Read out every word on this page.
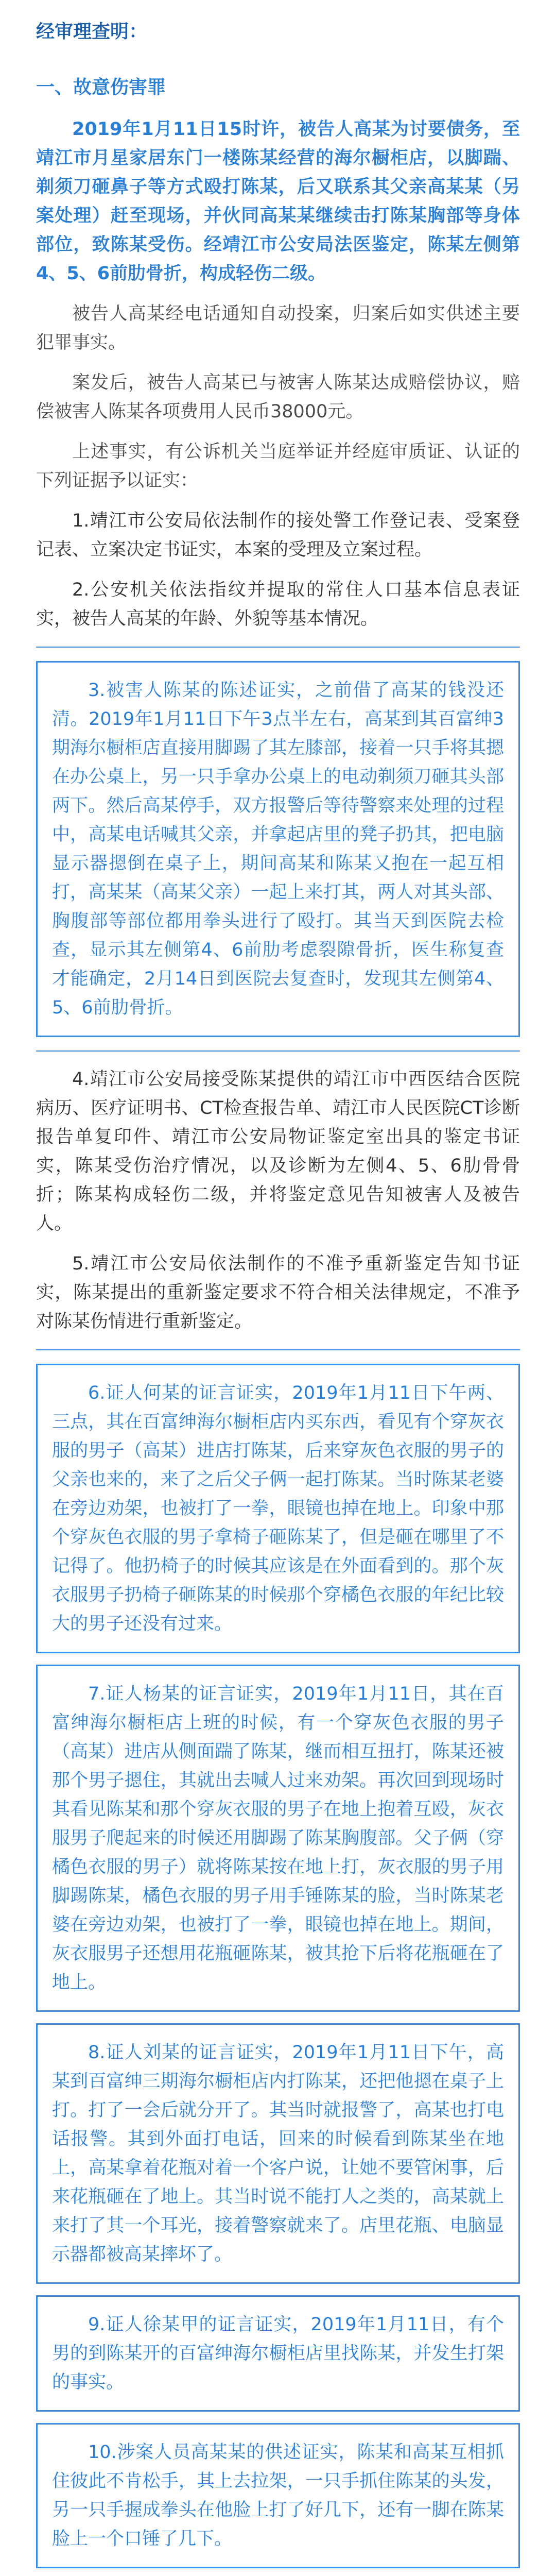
经审理查明：
一、故意伤害罪

2019年1月11日15时许，被告人高某为讨要债务，至靖江市月星家居东门一楼陈某经营的海尔橱柜店，以脚踹、剃须刀砸鼻子等方式殴打陈某，后又联系其父亲高某某（另案处理）赶至现场，并伙同高某某继续击打陈某胸部等身体部位，致陈某受伤。经靖江市公安局法医鉴定，陈某左侧第4、5、6前肋骨折，构成轻伤二级。

被告人高某经电话通知自动投案，归案后如实供述主要犯罪事实。

案发后，被告人高某已与被害人陈某达成赔偿协议，赔偿被害人陈某各项费用人民币38000元。

上述事实，有公诉机关当庭举证并经庭审质证、认证的下列证据予以证实：

1.靖江市公安局依法制作的接处警工作登记表、受案登记表、立案决定书证实，本案的受理及立案过程。

2.公安机关依法指纹并提取的常住人口基本信息表证实，被告人高某的年龄、外貌等基本情况。

3.被害人陈某的陈述证实，之前借了高某的钱没还清。2019年1月11日下午3点半左右，高某到其百富绅3期海尔橱柜店直接用脚踢了其左膝部，接着一只手将其摁在办公桌上，另一只手拿办公桌上的电动剃须刀砸其头部两下。然后高某停手，双方报警后等待警察来处理的过程中，高某电话喊其父亲，并拿起店里的凳子扔其，把电脑显示器摁倒在桌子上，期间高某和陈某又抱在一起互相打，高某某（高某父亲）一起上来打其，两人对其头部、胸腹部等部位都用拳头进行了殴打。其当天到医院去检查，显示其左侧第4、6前肋考虑裂隙骨折，医生称复查才能确定，2月14日到医院去复查时，发现其左侧第4、5、6前肋骨折。

4.靖江市公安局接受陈某提供的靖江市中西医结合医院病历、医疗证明书、CT检查报告单、靖江市人民医院CT诊断报告单复印件、靖江市公安局物证鉴定室出具的鉴定书证实，陈某受伤治疗情况，以及诊断为左侧4、5、6肋骨骨折；陈某构成轻伤二级，并将鉴定意见告知被害人及被告人。

5.靖江市公安局依法制作的不准予重新鉴定告知书证实，陈某提出的重新鉴定要求不符合相关法律规定，不准予对陈某伤情进行重新鉴定。

6.证人何某的证言证实，2019年1月11日下午两、三点，其在百富绅海尔橱柜店内买东西，看见有个穿灰衣服的男子（高某）进店打陈某，后来穿灰色衣服的男子的父亲也来的，来了之后父子俩一起打陈某。当时陈某老婆在旁边劝架，也被打了一拳，眼镜也掉在地上。印象中那个穿灰色衣服的男子拿椅子砸陈某了，但是砸在哪里了不记得了。他扔椅子的时候其应该是在外面看到的。那个灰衣服男子扔椅子砸陈某的时候那个穿橘色衣服的年纪比较大的男子还没有过来。

7.证人杨某的证言证实，2019年1月11日，其在百富绅海尔橱柜店上班的时候，有一个穿灰色衣服的男子（高某）进店从侧面踹了陈某，继而相互扭打，陈某还被那个男子摁住，其就出去喊人过来劝架。再次回到现场时其看见陈某和那个穿灰衣服的男子在地上抱着互殴，灰衣服男子爬起来的时候还用脚踢了陈某胸腹部。父子俩（穿橘色衣服的男子）就将陈某按在地上打，灰衣服的男子用脚踢陈某，橘色衣服的男子用手锤陈某的脸，当时陈某老婆在旁边劝架，也被打了一拳，眼镜也掉在地上。期间，灰衣服男子还想用花瓶砸陈某，被其抢下后将花瓶砸在了地上。

8.证人刘某的证言证实，2019年1月11日下午，高某到百富绅三期海尔橱柜店内打陈某，还把他摁在桌子上打。打了一会后就分开了。其当时就报警了，高某也打电话报警。其到外面打电话，回来的时候看到陈某坐在地上，高某拿着花瓶对着一个客户说，让她不要管闲事，后来花瓶砸在了地上。其当时说不能打人之类的，高某就上来打了其一个耳光，接着警察就来了。店里花瓶、电脑显示器都被高某摔坏了。

9.证人徐某甲的证言证实，2019年1月11日，有个男的到陈某开的百富绅海尔橱柜店里找陈某，并发生打架的事实。

10.涉案人员高某某的供述证实，陈某和高某互相抓住彼此不肯松手，其上去拉架，一只手抓住陈某的头发，另一只手握成拳头在他脸上打了好几下，还有一脚在陈某脸上一个口锤了几下。
